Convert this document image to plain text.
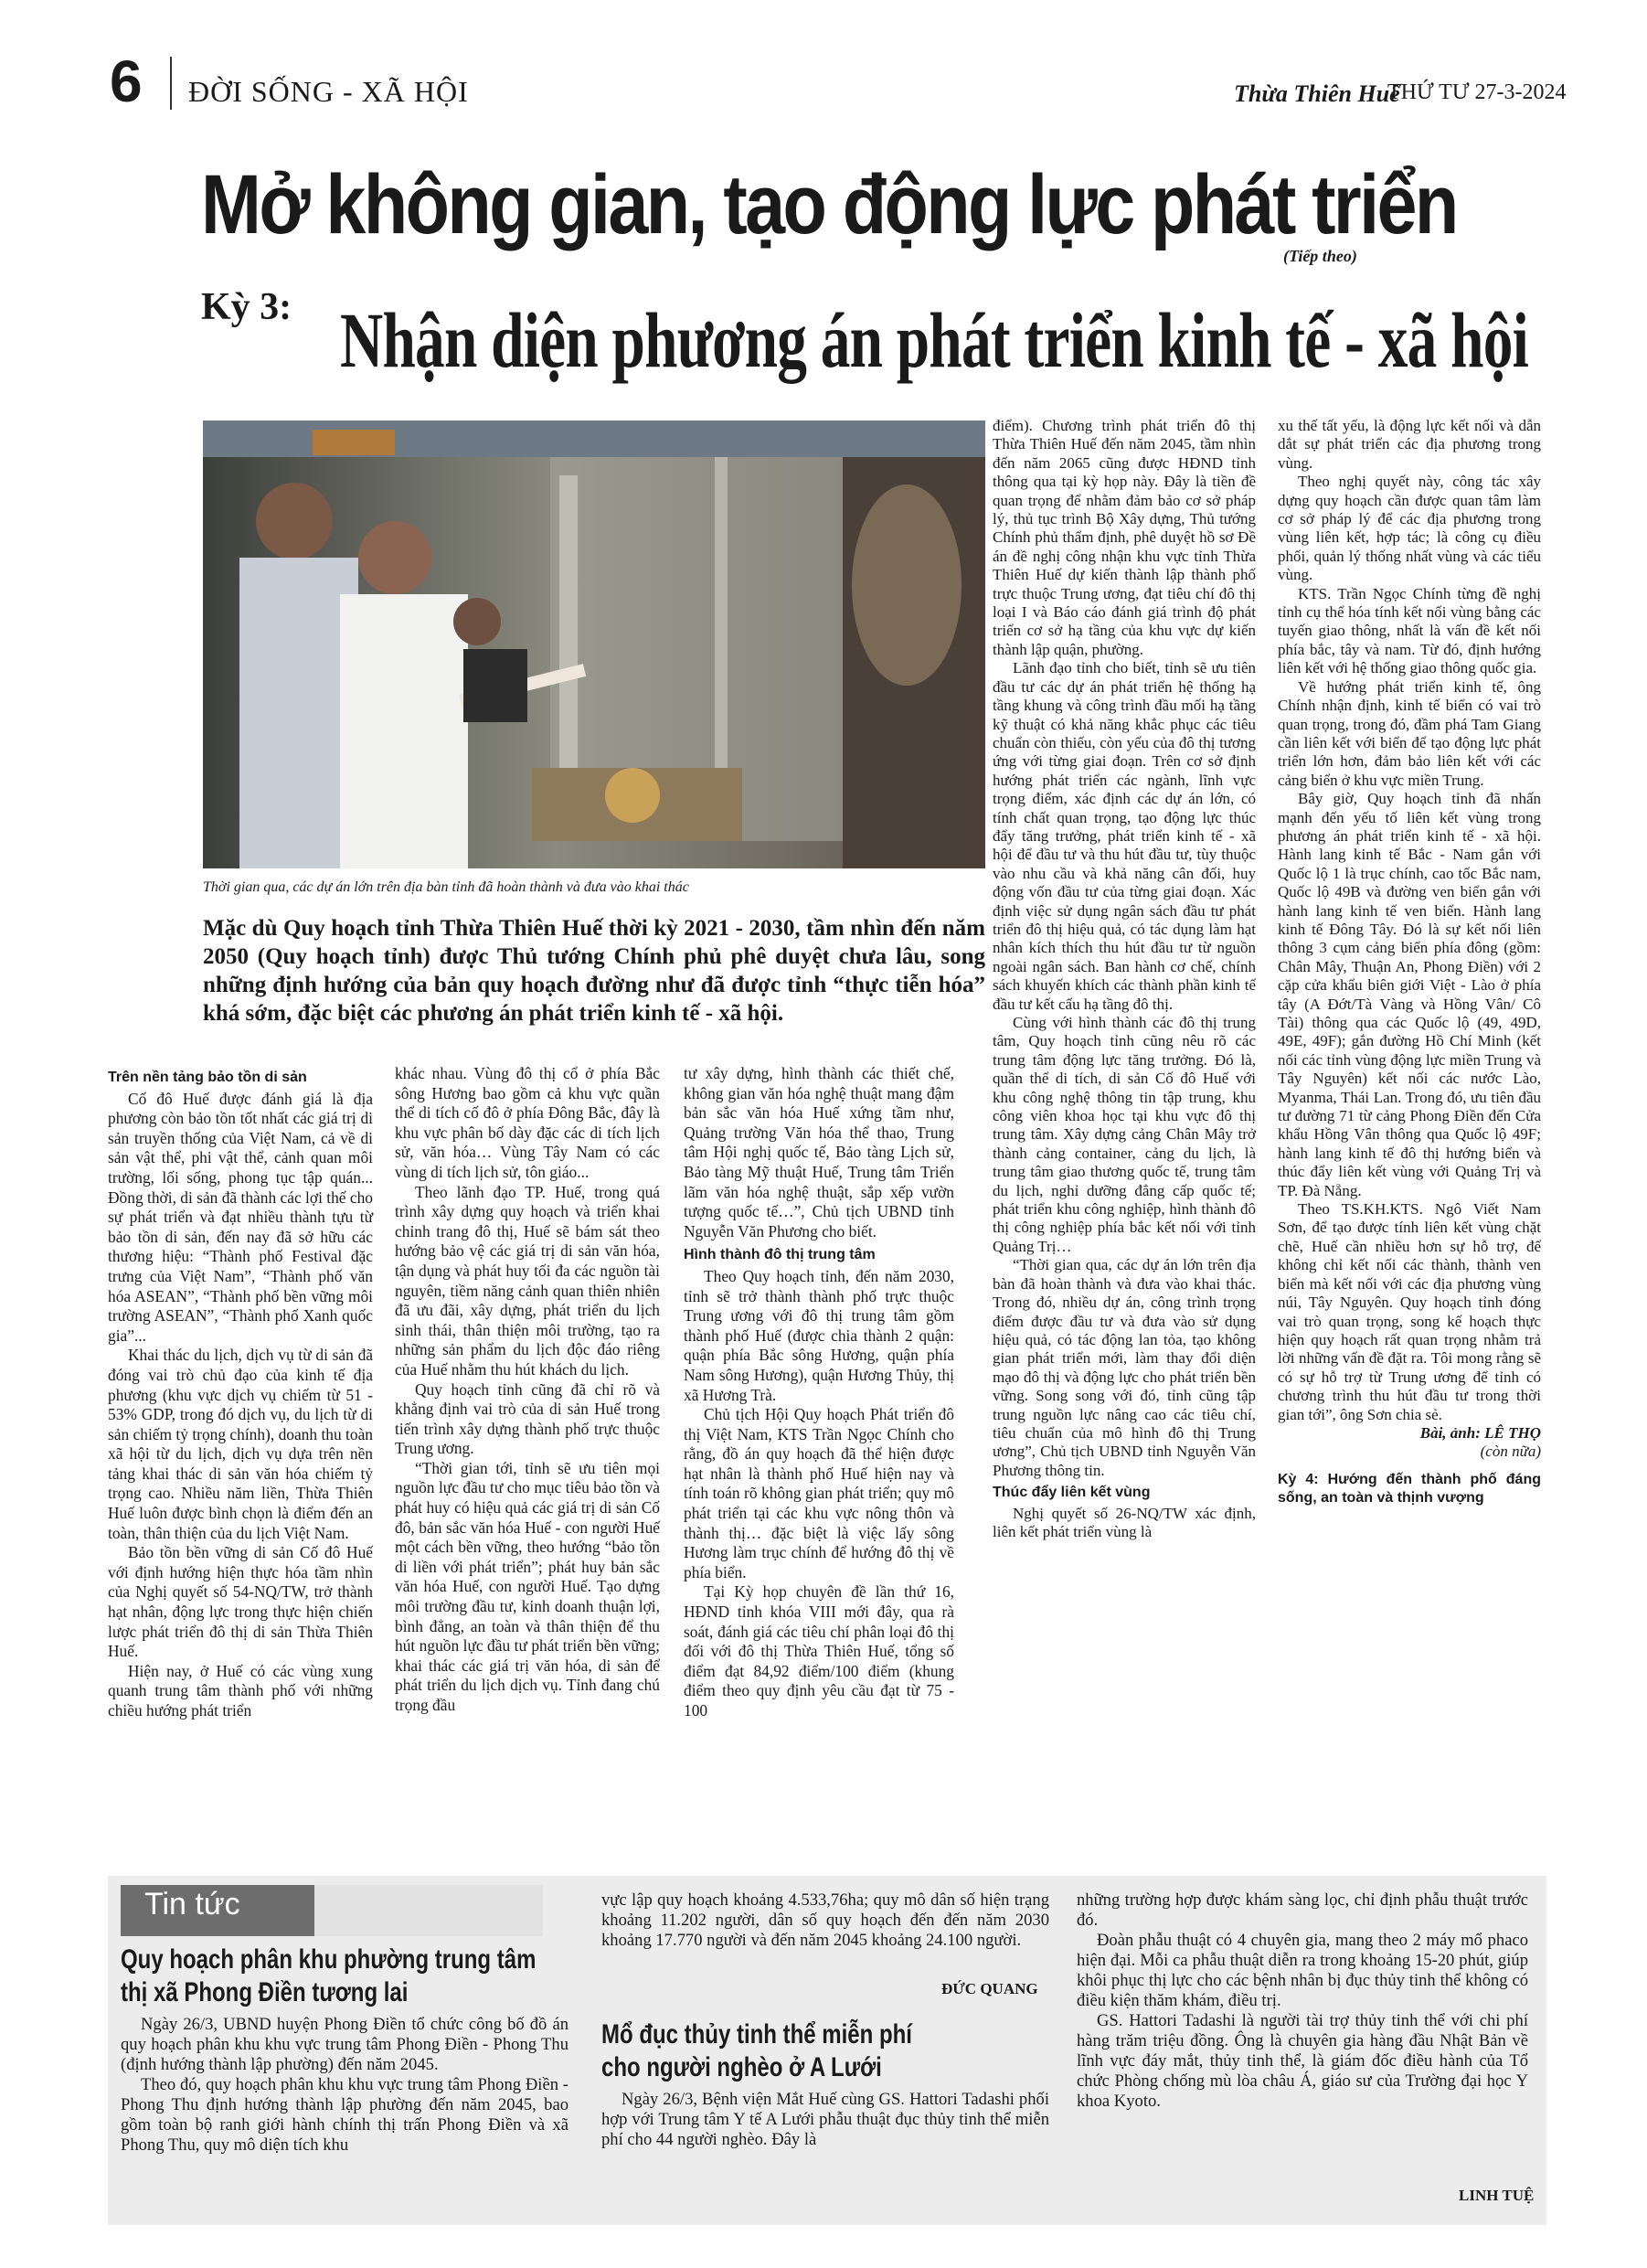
6 ĐỜI SỐNG - XÃ HỘI	Thừa Thiên Huế
THỨ TƯ 27-3-2024
Mở không gian, tạo động lực phát triển
(Tiếp theo)
Kỳ 3: Nhận diện phương án phát triển kinh tế - xã hội
Thời gian qua, các dự án lớn trên địa bàn tỉnh đã hoàn thành và đưa vào khai thác
Mặc dù Quy hoạch tỉnh Thừa Thiên Huế thời kỳ 2021 - 2030, tầm nhìn đến năm 2050 (Quy hoạch tỉnh) được Thủ tướng Chính phủ phê duyệt chưa lâu, song những định hướng của bản quy hoạch đường như đã được tỉnh “thực tiễn hóa” khá sớm, đặc biệt các phương án phát triển kinh tế - xã hội.
Trên nền tảng bảo tồn di sản

Cố đô Huế được đánh giá là địa phương còn bảo tồn tốt nhất các giá trị di sản truyền thống của Việt Nam, cả về di sản vật thể, phi vật thể, cảnh quan môi trường, lối sống, phong tục tập quán... Đồng thời, di sản đã thành các lợi thế cho sự phát triển và đạt nhiều thành tựu từ bảo tồn di sản, đến nay đã sở hữu các thương hiệu: “Thành phố Festival đặc trưng của Việt Nam”, “Thành phố văn hóa ASEAN”, “Thành phố bền vững môi trường ASEAN”, “Thành phố Xanh quốc gia”...

Khai thác du lịch, dịch vụ từ di sản đã đóng vai trò chủ đạo của kinh tế địa phương (khu vực dịch vụ chiếm từ 51 - 53% GDP, trong đó dịch vụ, du lịch từ di sản chiếm tỷ trọng chính), doanh thu toàn xã hội từ du lịch, dịch vụ dựa trên nền tảng khai thác di sản văn hóa chiếm tỷ trọng cao. Nhiều năm liền, Thừa Thiên Huế luôn được bình chọn là điểm đến an toàn, thân thiện của du lịch Việt Nam.

Bảo tồn bền vững di sản Cố đô Huế với định hướng hiện thực hóa tầm nhìn của Nghị quyết số 54-NQ/TW, trở thành hạt nhân, động lực trong thực hiện chiến lược phát triển đô thị di sản Thừa Thiên Huế.

Hiện nay, ở Huế có các vùng xung quanh trung tâm thành phố với những chiều hướng phát triển

khác nhau. Vùng đô thị cổ ở phía Bắc sông Hương bao gồm cả khu vực quần thể di tích cố đô ở phía Đông Bắc, đây là khu vực phân bố dày đặc các di tích lịch sử, văn hóa… Vùng Tây Nam có các vùng di tích lịch sử, tôn giáo...

Theo lãnh đạo TP. Huế, trong quá trình xây dựng quy hoạch và triển khai chỉnh trang đô thị, Huế sẽ bám sát theo hướng bảo vệ các giá trị di sản văn hóa, tận dụng và phát huy tối đa các nguồn tài nguyên, tiềm năng cảnh quan thiên nhiên đã ưu đãi, xây dựng, phát triển du lịch sinh thái, thân thiện môi trường, tạo ra những sản phẩm du lịch độc đáo riêng của Huế nhằm thu hút khách du lịch.

Quy hoạch tỉnh cũng đã chỉ rõ và khẳng định vai trò của di sản Huế trong tiến trình xây dựng thành phố trực thuộc Trung ương.

“Thời gian tới, tỉnh sẽ ưu tiên mọi nguồn lực đầu tư cho mục tiêu bảo tồn và phát huy có hiệu quả các giá trị di sản Cố đô, bản sắc văn hóa Huế - con người Huế một cách bền vững, theo hướng “bảo tồn di liền với phát triển”; phát huy bản sắc văn hóa Huế, con người Huế. Tạo dựng môi trường đầu tư, kinh doanh thuận lợi, bình đẳng, an toàn và thân thiện để thu hút nguồn lực đầu tư phát triển bền vững; khai thác các giá trị văn hóa, di sản để phát triển du lịch dịch vụ. Tỉnh đang chú trọng đầu

tư xây dựng, hình thành các thiết chế, không gian văn hóa nghệ thuật mang đậm bản sắc văn hóa Huế xứng tầm như, Quảng trường Văn hóa thể thao, Trung tâm Hội nghị quốc tế, Bảo tàng Lịch sử, Bảo tàng Mỹ thuật Huế, Trung tâm Triển lãm văn hóa nghệ thuật, sắp xếp vườn tượng quốc tế…”, Chủ tịch UBND tỉnh Nguyễn Văn Phương cho biết.

Hình thành đô thị trung tâm

Theo Quy hoạch tỉnh, đến năm 2030, tỉnh sẽ trở thành thành phố trực thuộc Trung ương với đô thị trung tâm gồm thành phố Huế (được chia thành 2 quận: quận phía Bắc sông Hương, quận phía Nam sông Hương), quận Hương Thủy, thị xã Hương Trà.

Chủ tịch Hội Quy hoạch Phát triển đô thị Việt Nam, KTS Trần Ngọc Chính cho rằng, đồ án quy hoạch đã thể hiện được hạt nhân là thành phố Huế hiện nay và tính toán rõ không gian phát triển; quy mô phát triển tại các khu vực nông thôn và thành thị… đặc biệt là việc lấy sông Hương làm trục chính để hướng đô thị về phía biển.

Tại Kỳ họp chuyên đề lần thứ 16, HĐND tỉnh khóa VIII mới đây, qua rà soát, đánh giá các tiêu chí phân loại đô thị đối với đô thị Thừa Thiên Huế, tổng số điểm đạt 84,92 điểm/100 điểm (khung điểm theo quy định yêu cầu đạt từ 75 - 100

điểm). Chương trình phát triển đô thị Thừa Thiên Huế đến năm 2045, tầm nhìn đến năm 2065 cũng được HĐND tỉnh thông qua tại kỳ họp này. Đây là tiền đề quan trọng để nhằm đảm bảo cơ sở pháp lý, thủ tục trình Bộ Xây dựng, Thủ tướng Chính phủ thẩm định, phê duyệt hồ sơ Đề án đề nghị công nhận khu vực tỉnh Thừa Thiên Huế dự kiến thành lập thành phố trực thuộc Trung ương, đạt tiêu chí đô thị loại I và Báo cáo đánh giá trình độ phát triển cơ sở hạ tầng của khu vực dự kiến thành lập quận, phường.

Lãnh đạo tỉnh cho biết, tỉnh sẽ ưu tiên đầu tư các dự án phát triển hệ thống hạ tầng khung và công trình đầu mối hạ tầng kỹ thuật có khả năng khắc phục các tiêu chuẩn còn thiếu, còn yếu của đô thị tương ứng với từng giai đoạn. Trên cơ sở định hướng phát triển các ngành, lĩnh vực trọng điểm, xác định các dự án lớn, có tính chất quan trọng, tạo động lực thúc đẩy tăng trưởng, phát triển kinh tế - xã hội để đầu tư và thu hút đầu tư, tùy thuộc vào nhu cầu và khả năng cân đối, huy động vốn đầu tư của từng giai đoạn. Xác định việc sử dụng ngân sách đầu tư phát triển đô thị hiệu quả, có tác dụng làm hạt nhân kích thích thu hút đầu tư từ nguồn ngoài ngân sách. Ban hành cơ chế, chính sách khuyến khích các thành phần kinh tế đầu tư kết cấu hạ tầng đô thị.

Cùng với hình thành các đô thị trung tâm, Quy hoạch tỉnh cũng nêu rõ các trung tâm động lực tăng trưởng. Đó là, quần thể di tích, di sản Cố đô Huế với khu công nghệ thông tin tập trung, khu công viên khoa học tại khu vực đô thị trung tâm. Xây dựng cảng Chân Mây trở thành cảng container, cảng du lịch, là trung tâm giao thương quốc tế, trung tâm du lịch, nghỉ dưỡng đẳng cấp quốc tế; phát triển khu công nghiệp, hình thành đô thị công nghiệp phía bắc kết nối với tỉnh Quảng Trị…

“Thời gian qua, các dự án lớn trên địa bàn đã hoàn thành và đưa vào khai thác. Trong đó, nhiều dự án, công trình trọng điểm được đầu tư và đưa vào sử dụng hiệu quả, có tác động lan tỏa, tạo không gian phát triển mới, làm thay đổi diện mạo đô thị và động lực cho phát triển bền vững. Song song với đó, tỉnh cũng tập trung nguồn lực nâng cao các tiêu chí, tiêu chuẩn của mô hình đô thị Trung ương”, Chủ tịch UBND tỉnh Nguyễn Văn Phương thông tin.

Thúc đẩy liên kết vùng

Nghị quyết số 26-NQ/TW xác định, liên kết phát triển vùng là

xu thế tất yếu, là động lực kết nối và dẫn dắt sự phát triển các địa phương trong vùng.

Theo nghị quyết này, công tác xây dựng quy hoạch cần được quan tâm làm cơ sở pháp lý để các địa phương trong vùng liên kết, hợp tác; là công cụ điều phối, quản lý thống nhất vùng và các tiểu vùng.

KTS. Trần Ngọc Chính từng đề nghị tỉnh cụ thể hóa tính kết nối vùng bằng các tuyến giao thông, nhất là vấn đề kết nối phía bắc, tây và nam. Từ đó, định hướng liên kết với hệ thống giao thông quốc gia.

Về hướng phát triển kinh tế, ông Chính nhận định, kinh tế biển có vai trò quan trọng, trong đó, đầm phá Tam Giang cần liên kết với biển để tạo động lực phát triển lớn hơn, đảm bảo liên kết với các cảng biển ở khu vực miền Trung.

Bây giờ, Quy hoạch tỉnh đã nhấn mạnh đến yếu tố liên kết vùng trong phương án phát triển kinh tế - xã hội. Hành lang kinh tế Bắc - Nam gắn với Quốc lộ 1 là trục chính, cao tốc Bắc nam, Quốc lộ 49B và đường ven biển gắn với hành lang kinh tế ven biển. Hành lang kinh tế Đông Tây. Đó là sự kết nối liên thông 3 cụm cảng biển phía đông (gồm: Chân Mây, Thuận An, Phong Điền) với 2 cặp cửa khẩu biên giới Việt - Lào ở phía tây (A Đớt/Tà Vàng và Hồng Vân/ Cô Tài) thông qua các Quốc lộ (49, 49D, 49E, 49F); gắn đường Hồ Chí Minh (kết nối các tỉnh vùng động lực miền Trung và Tây Nguyên) kết nối các nước Lào, Myanma, Thái Lan. Trong đó, ưu tiên đầu tư đường 71 từ cảng Phong Điền đến Cửa khẩu Hồng Vân thông qua Quốc lộ 49F; hành lang kinh tế đô thị hướng biển và thúc đẩy liên kết vùng với Quảng Trị và TP. Đà Nẵng.

Theo TS.KH.KTS. Ngô Viết Nam Sơn, để tạo được tính liên kết vùng chặt chẽ, Huế cần nhiều hơn sự hỗ trợ, để không chỉ kết nối các thành, thành ven biển mà kết nối với các địa phương vùng núi, Tây Nguyên. Quy hoạch tỉnh đóng vai trò quan trọng, song kế hoạch thực hiện quy hoạch rất quan trọng nhằm trả lời những vấn đề đặt ra. Tôi mong rằng sẽ có sự hỗ trợ từ Trung ương để tỉnh có chương trình thu hút đầu tư trong thời gian tới”, ông Sơn chia sẻ.

Bài, ảnh: LÊ THỌ
(còn nữa)
Kỳ 4: Hướng đến thành phố đáng sống, an toàn và thịnh vượng
Tin tức
Quy hoạch phân khu phường trung tâm
thị xã Phong Điền tương lai

Ngày 26/3, UBND huyện Phong Điền tổ chức công bố đồ án quy hoạch phân khu khu vực trung tâm Phong Điền - Phong Thu (định hướng thành lập phường) đến năm 2045.

Theo đó, quy hoạch phân khu khu vực trung tâm Phong Điền - Phong Thu định hướng thành lập phường đến năm 2045, bao gồm toàn bộ ranh giới hành chính thị trấn Phong Điền và xã Phong Thu, quy mô diện tích khu

vực lập quy hoạch khoảng 4.533,76ha; quy mô dân số hiện trạng khoảng 11.202 người, dân số quy hoạch đến đến năm 2030 khoảng 17.770 người và đến năm 2045 khoảng 24.100 người.

ĐỨC QUANG
Mổ đục thủy tinh thể miễn phí
cho người nghèo ở A Lưới

Ngày 26/3, Bệnh viện Mắt Huế cùng GS. Hattori Tadashi phối hợp với Trung tâm Y tế A Lưới phẫu thuật đục thủy tinh thể miễn phí cho 44 người nghèo. Đây là

những trường hợp được khám sàng lọc, chỉ định phẫu thuật trước đó.

Đoàn phẫu thuật có 4 chuyên gia, mang theo 2 máy mổ phaco hiện đại. Mỗi ca phẫu thuật diễn ra trong khoảng 15-20 phút, giúp khôi phục thị lực cho các bệnh nhân bị đục thủy tinh thể không có điều kiện thăm khám, điều trị.

GS. Hattori Tadashi là người tài trợ thủy tinh thể với chi phí hàng trăm triệu đồng. Ông là chuyên gia hàng đầu Nhật Bản về lĩnh vực đáy mắt, thủy tinh thể, là giám đốc điều hành của Tổ chức Phòng chống mù lòa châu Á, giáo sư của Trường đại học Y khoa Kyoto.

LINH TUỆ
